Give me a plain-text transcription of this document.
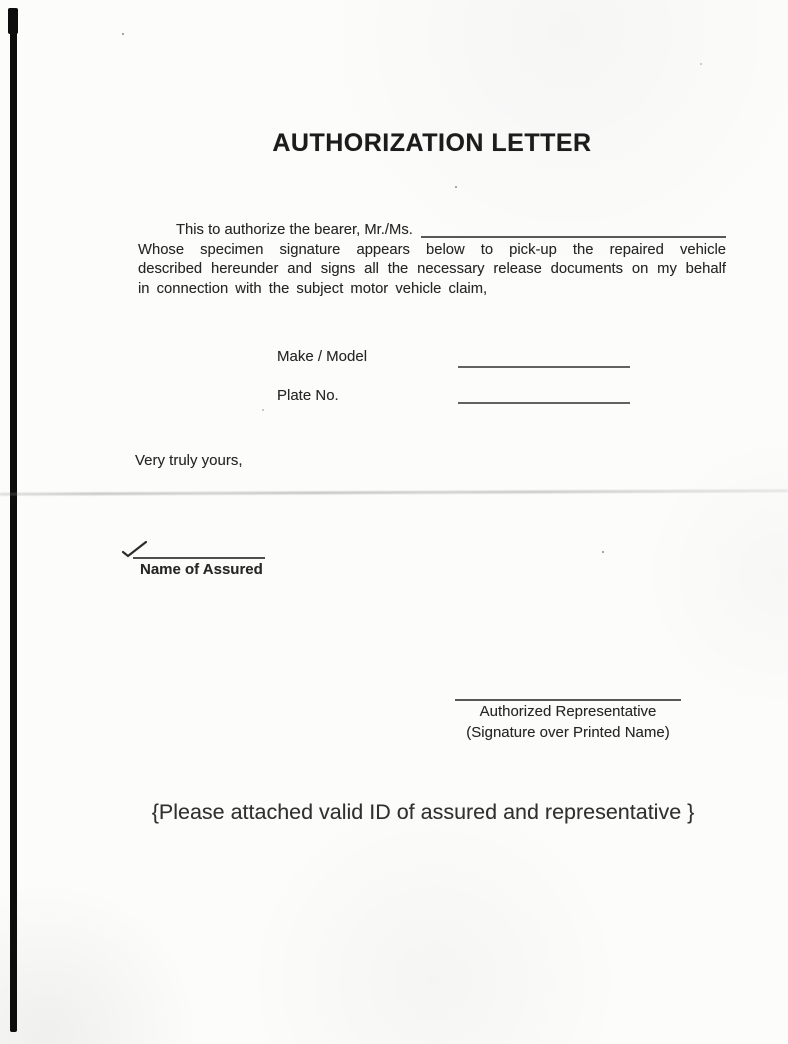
AUTHORIZATION LETTER
This to authorize the bearer, Mr./Ms.
Whose specimen signature appears below to pick-up the repaired vehicle
described hereunder and signs all the necessary release documents on my behalf
in connection with the subject motor vehicle claim,
Make / Model
Plate No.
Very truly yours,
Name of Assured
Authorized Representative
(Signature over Printed Name)
{Please attached valid ID of assured and representative }
